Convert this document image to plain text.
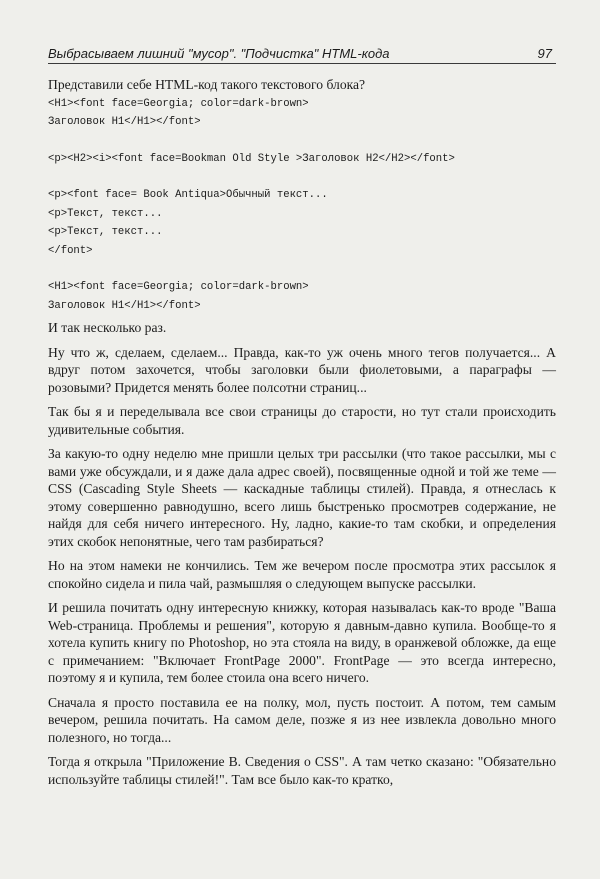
Выбрасываем лишний "мусор". "Подчистка" HTML-кода	97

Представили себе HTML-код такого текстового блока?

<H1><font face=Georgia; color=dark-brown>
Заголовок H1</H1></font>
<p><H2><i><font face=Bookman Old Style >Заголовок H2</H2></font>
<p><font face= Book Antiqua>Обычный текст...
<p>Текст, текст...
<p>Текст, текст...
</font>
<H1><font face=Georgia; color=dark-brown>
Заголовок H1</H1></font>

И так несколько раз.

Ну что ж, сделаем, сделаем... Правда, как-то уж очень много тегов получается... А вдруг потом захочется, чтобы заголовки были фиолетовыми, а параграфы — розовыми? Придется менять более полсотни страниц...

Так бы я и переделывала все свои страницы до старости, но тут стали происходить удивительные события.

За какую-то одну неделю мне пришли целых три рассылки (что такое рассылки, мы с вами уже обсуждали, и я даже дала адрес своей), посвященные одной и той же теме — CSS (Cascading Style Sheets — каскадные таблицы стилей). Правда, я отнеслась к этому совершенно равнодушно, всего лишь быстренько просмотрев содержание, не найдя для себя ничего интересного. Ну, ладно, какие-то там скобки, и определения этих скобок непонятные, чего там разбираться?

Но на этом намеки не кончились. Тем же вечером после просмотра этих рассылок я спокойно сидела и пила чай, размышляя о следующем выпуске рассылки.

И решила почитать одну интересную книжку, которая называлась как-то вроде "Ваша Web-страница. Проблемы и решения", которую я давным-давно купила. Вообще-то я хотела купить книгу по Photoshop, но эта стояла на виду, в оранжевой обложке, да еще с примечанием: "Включает FrontPage 2000". FrontPage — это всегда интересно, поэтому я и купила, тем более стоила она всего ничего.

Сначала я просто поставила ее на полку, мол, пусть постоит. А потом, тем самым вечером, решила почитать. На самом деле, позже я из нее извлекла довольно много полезного, но тогда...

Тогда я открыла "Приложение B. Сведения о CSS". А там четко сказано: "Обязательно используйте таблицы стилей!". Там все было как-то кратко,
